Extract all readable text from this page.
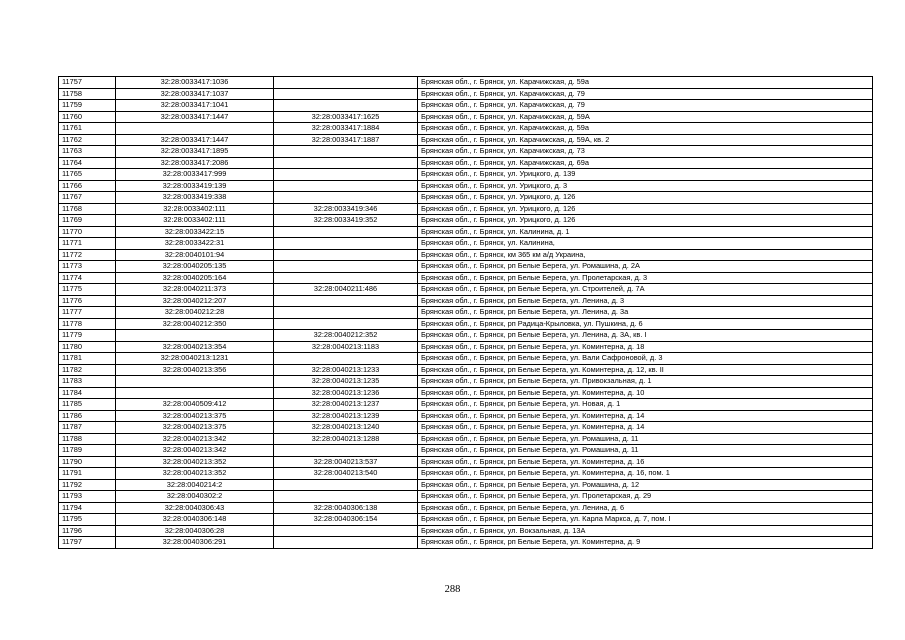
11757	32:28:0033417:1036		Брянская обл., г. Брянск, ул. Карачижская, д. 59а
11758	32:28:0033417:1037		Брянская обл., г. Брянск, ул. Карачижская, д. 79
11759	32:28:0033417:1041		Брянская обл., г. Брянск, ул. Карачижская, д. 79
11760	32:28:0033417:1447	32:28:0033417:1625	Брянская обл., г. Брянск, ул. Карачижская, д. 59А
11761		32:28:0033417:1884	Брянская обл., г. Брянск, ул. Карачижская, д. 59а
11762	32:28:0033417:1447	32:28:0033417:1887	Брянская обл., г. Брянск, ул. Карачижская, д. 59А, кв. 2
11763	32:28:0033417:1895		Брянская обл., г. Брянск, ул. Карачижская, д. 73
11764	32:28:0033417:2086		Брянская обл., г. Брянск, ул. Карачижская, д. 69а
11765	32:28:0033417:999		Брянская обл., г. Брянск, ул. Урицкого, д. 139
11766	32:28:0033419:139		Брянская обл., г. Брянск, ул. Урицкого, д. 3
11767	32:28:0033419:338		Брянская обл., г. Брянск, ул. Урицкого, д. 126
11768	32:28:0033402:111	32:28:0033419:346	Брянская обл., г. Брянск, ул. Урицкого, д. 126
11769	32:28:0033402:111	32:28:0033419:352	Брянская обл., г. Брянск, ул. Урицкого, д. 126
11770	32:28:0033422:15		Брянская обл., г. Брянск, ул. Калинина, д. 1
11771	32:28:0033422:31		Брянская обл., г. Брянск, ул. Калинина,
11772	32:28:0040101:94		Брянская обл., г. Брянск, км 365 км а/д Украина,
11773	32:28:0040205:135		Брянская обл., г. Брянск, рп Белые Берега, ул. Ромашина, д. 2А
11774	32:28:0040205:164		Брянская обл., г. Брянск, рп Белые Берега, ул. Пролетарская, д. 3
11775	32:28:0040211:373	32:28:0040211:486	Брянская обл., г. Брянск, рп Белые Берега, ул. Строителей, д. 7А
11776	32:28:0040212:207		Брянская обл., г. Брянск, рп Белые Берега, ул. Ленина, д. 3
11777	32:28:0040212:28		Брянская обл., г. Брянск, рп Белые Берега, ул. Ленина, д. 3а
11778	32:28:0040212:350		Брянская обл., г. Брянск, рп Радица-Крыловка, ул. Пушкина, д. 6
11779		32:28:0040212:352	Брянская обл., г. Брянск, рп Белые Берега, ул. Ленина, д. 3А, кв. I
11780	32:28:0040213:354	32:28:0040213:1183	Брянская обл., г. Брянск, рп Белые Берега, ул. Коминтерна, д. 18
11781	32:28:0040213:1231		Брянская обл., г. Брянск, рп Белые Берега, ул. Вали Сафроновой, д. 3
11782	32:28:0040213:356	32:28:0040213:1233	Брянская обл., г. Брянск, рп Белые Берега, ул. Коминтерна, д. 12, кв. II
11783		32:28:0040213:1235	Брянская обл., г. Брянск, рп Белые Берега, ул. Привокзальная, д. 1
11784		32:28:0040213:1236	Брянская обл., г. Брянск, рп Белые Берега, ул. Коминтерна, д. 10
11785	32:28:0040509:412	32:28:0040213:1237	Брянская обл., г. Брянск, рп Белые Берега, ул. Новая, д. 1
11786	32:28:0040213:375	32:28:0040213:1239	Брянская обл., г. Брянск, рп Белые Берега, ул. Коминтерна, д. 14
11787	32:28:0040213:375	32:28:0040213:1240	Брянская обл., г. Брянск, рп Белые Берега, ул. Коминтерна, д. 14
11788	32:28:0040213:342	32:28:0040213:1288	Брянская обл., г. Брянск, рп Белые Берега, ул. Ромашина, д. 11
11789	32:28:0040213:342		Брянская обл., г. Брянск, рп Белые Берега, ул. Ромашина, д. 11
11790	32:28:0040213:352	32:28:0040213:537	Брянская обл., г. Брянск, рп Белые Берега, ул. Коминтерна, д. 16
11791	32:28:0040213:352	32:28:0040213:540	Брянская обл., г. Брянск, рп Белые Берега, ул. Коминтерна, д. 16, пом. 1
11792	32:28:0040214:2		Брянская обл., г. Брянск, рп Белые Берега, ул. Ромашина, д. 12
11793	32:28:0040302:2		Брянская обл., г. Брянск, рп Белые Берега, ул. Пролетарская, д. 29
11794	32:28:0040306:43	32:28:0040306:138	Брянская обл., г. Брянск, рп Белые Берега, ул. Ленина, д. 6
11795	32:28:0040306:148	32:28:0040306:154	Брянская обл., г. Брянск, рп Белые Берега, ул. Карла Маркса, д. 7, пом. I
11796	32:28:0040306:28		Брянская обл., г. Брянск, ул. Вокзальная, д. 13А
11797	32:28:0040306:291		Брянская обл., г. Брянск, рп Белые Берега, ул. Коминтерна, д. 9
288
